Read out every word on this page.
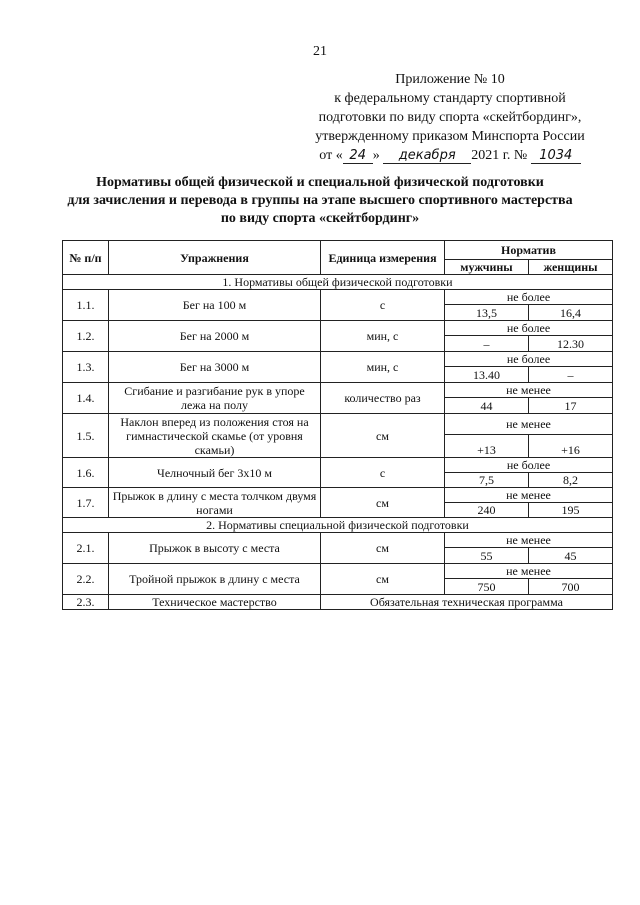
21
Приложение № 10
к федеральному стандарту спортивной
подготовки по виду спорта «скейтбординг»,
утвержденному приказом Минспорта России
от « 24 » декабря 2021 г. № 1034
Нормативы общей физической и специальной физической подготовки
для зачисления и перевода в группы на этапе высшего спортивного мастерства
по виду спорта «скейтбординг»
№ п/п	Упражнения	Единица измерения	Норматив	
			мужчины	женщины
1. Нормативы общей физической подготовки				
1.1.	Бег на 100 м	с	не более	
			13,5	16,4
1.2.	Бег на 2000 м	мин, с	не более	
			–	12.30
1.3.	Бег на 3000 м	мин, с	не более	
			13.40	–
1.4.	Сгибание и разгибание рук в упоре лежа на полу	количество раз	не менее	
			44	17
1.5.	Наклон вперед из положения стоя на гимнастической скамье (от уровня скамьи)	см	не менее	
			+13	+16
1.6.	Челночный бег 3х10 м	с	не более	
			7,5	8,2
1.7.	Прыжок в длину с места толчком двумя ногами	см	не менее	
			240	195
2. Нормативы специальной физической подготовки				
2.1.	Прыжок в высоту с места	см	не менее	
			55	45
2.2.	Тройной прыжок в длину с места	см	не менее	
			750	700
2.3.	Техническое мастерство	Обязательная техническая программа		
